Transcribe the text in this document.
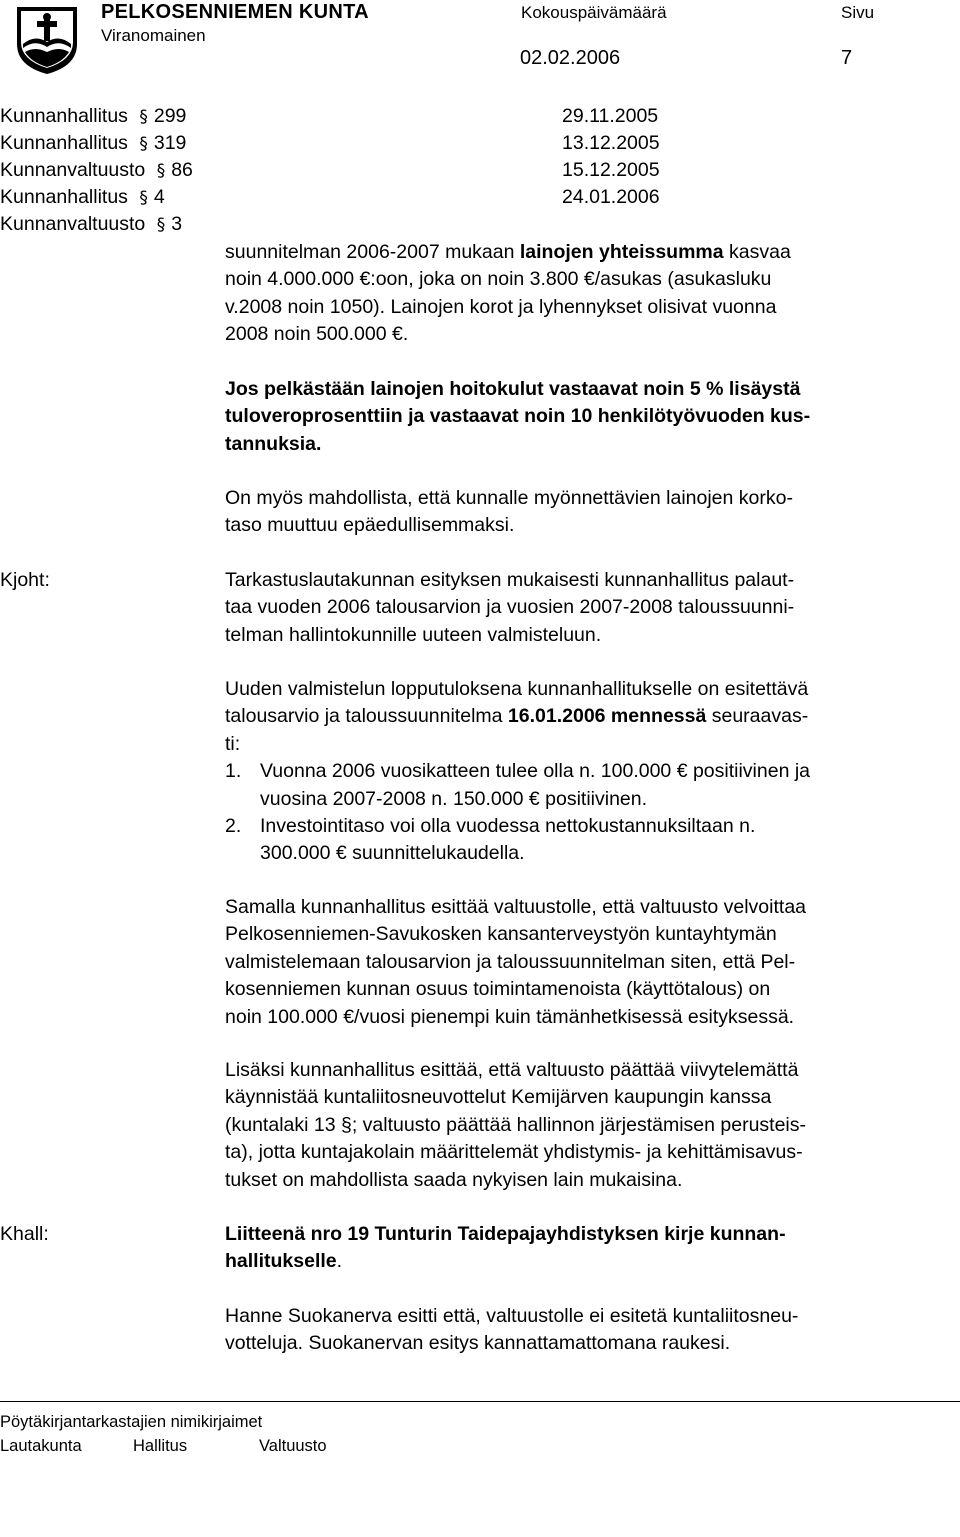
PELKOSENNIEMEN KUNTA
Viranomainen
Kokouspäivämäärä	Sivu
02.02.2006	7
Kunnanhallitus § 299	29.11.2005
Kunnanhallitus § 319	13.12.2005
Kunnanvaltuusto § 86	15.12.2005
Kunnanhallitus § 4	24.01.2006
Kunnanvaltuusto § 3
suunnitelman 2006-2007 mukaan lainojen yhteissumma kasvaa
noin 4.000.000 €:oon, joka on noin 3.800 €/asukas (asukasluku
v.2008 noin 1050). Lainojen korot ja lyhennykset olisivat vuonna
2008 noin 500.000 €.
Jos pelkästään lainojen hoitokulut vastaavat noin 5 % lisäystä
tuloveroprosenttiin ja vastaavat noin 10 henkilötyövuoden kus-
tannuksia.
On myös mahdollista, että kunnalle myönnettävien lainojen korko-
taso muuttuu epäedullisemmaksi.
Kjoht:	Tarkastuslautakunnan esityksen mukaisesti kunnanhallitus palaut-
taa vuoden 2006 talousarvion ja vuosien 2007-2008 taloussuunni-
telman hallintokunnille uuteen valmisteluun.
Uuden valmistelun lopputuloksena kunnanhallitukselle on esitettävä
talousarvio ja taloussuunnitelma 16.01.2006 mennessä seuraavas-
ti:
1. Vuonna 2006 vuosikatteen tulee olla n. 100.000 € positiivinen ja
vuosina 2007-2008 n. 150.000 € positiivinen.
2. Investointitaso voi olla vuodessa nettokustannuksiltaan n.
300.000 € suunnittelukaudella.
Samalla kunnanhallitus esittää valtuustolle, että valtuusto velvoittaa
Pelkosenniemen-Savukosken kansanterveystyön kuntayhtymän
valmistelemaan talousarvion ja taloussuunnitelman siten, että Pel-
kosenniemen kunnan osuus toimintamenoista (käyttötalous) on
noin 100.000 €/vuosi pienempi kuin tämänhetkisessä esityksessä.
Lisäksi kunnanhallitus esittää, että valtuusto päättää viivytelemättä
käynnistää kuntaliitosneuvottelut Kemijärven kaupungin kanssa
(kuntalaki 13 §; valtuusto päättää hallinnon järjestämisen perusteis-
ta), jotta kuntajakolain määrittelemät yhdistymis- ja kehittämisavus-
tukset on mahdollista saada nykyisen lain mukaisina.
Khall:	Liitteenä nro 19 Tunturin Taidepajayhdistyksen kirje kunnan-
hallitukselle.
Hanne Suokanerva esitti että, valtuustolle ei esitetä kuntaliitosneu-
votteluja. Suokanervan esitys kannattamattomana raukesi.
Pöytäkirjantarkastajien nimikirjaimet
Lautakunta	Hallitus	Valtuusto
